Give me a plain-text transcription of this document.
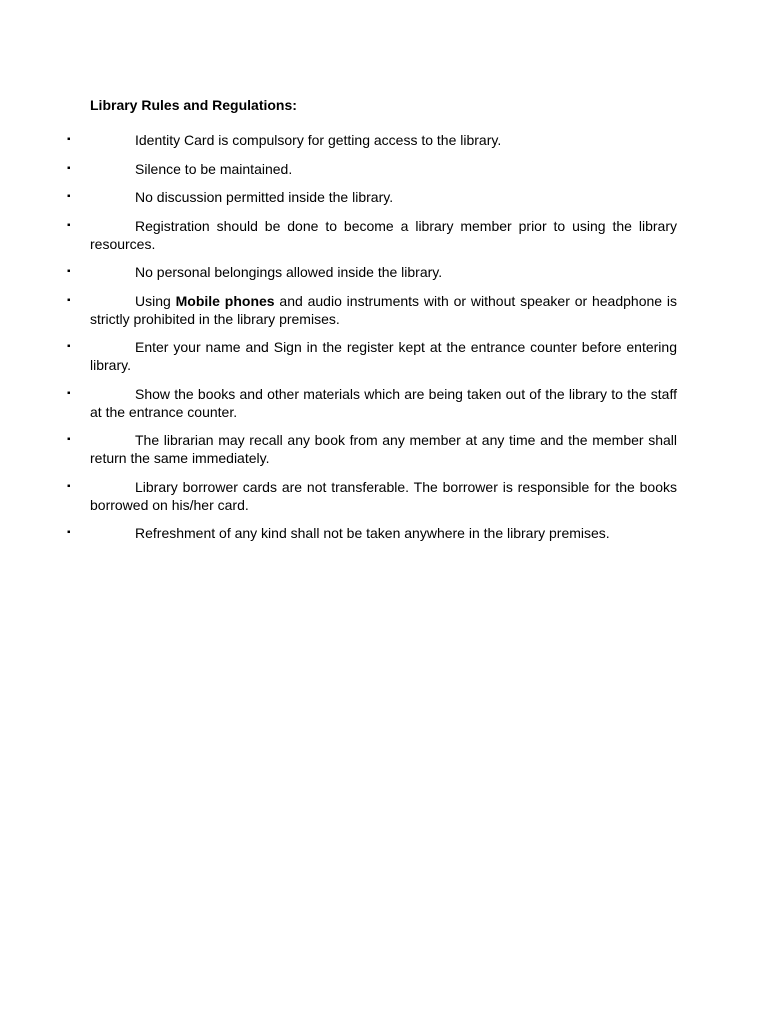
Library Rules and Regulations:
▪	Identity Card is compulsory for getting access to the library.
▪	Silence to be maintained.
▪	No discussion permitted inside the library.
▪	Registration should be done to become a library member prior to using the library resources.
▪	No personal belongings allowed inside the library.
▪	Using Mobile phones and audio instruments with or without speaker or headphone is strictly prohibited in the library premises.
▪	Enter your name and Sign in the register kept at the entrance counter before entering library.
▪	Show the books and other materials which are being taken out of the library to the staff at the entrance counter.
▪	The librarian may recall any book from any member at any time and the member shall return the same immediately.
▪	Library borrower cards are not transferable. The borrower is responsible for the books borrowed on his/her card.
▪	Refreshment of any kind shall not be taken anywhere in the library premises.
